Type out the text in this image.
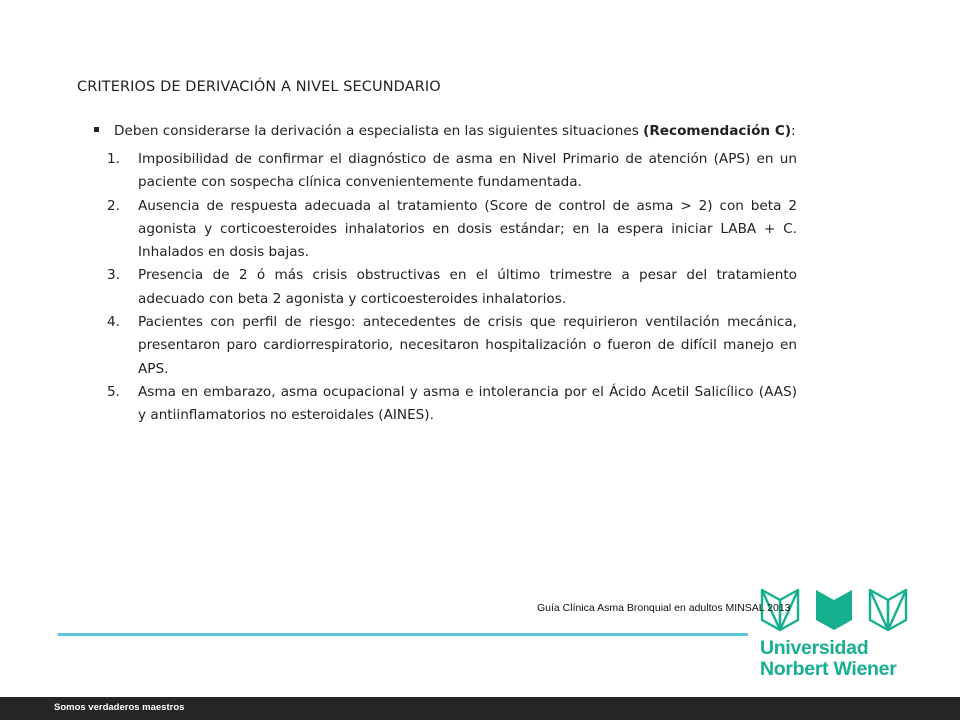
CRITERIOS DE DERIVACIÓN A NIVEL SECUNDARIO
Deben considerarse la derivación a especialista en las siguientes situaciones (Recomendación C):
1.	Imposibilidad de confirmar el diagnóstico de asma en Nivel Primario de atención (APS) en un paciente con sospecha clínica convenientemente fundamentada.
2.	Ausencia de respuesta adecuada al tratamiento (Score de control de asma > 2) con beta 2 agonista y corticoesteroides inhalatorios en dosis estándar; en la espera iniciar LABA + C. Inhalados en dosis bajas.
3.	Presencia de 2 ó más crisis obstructivas en el último trimestre a pesar del tratamiento adecuado con beta 2 agonista y corticoesteroides inhalatorios.
4.	Pacientes con perfil de riesgo: antecedentes de crisis que requirieron ventilación mecánica, presentaron paro cardiorrespiratorio, necesitaron hospitalización o fueron de difícil manejo en APS.
5.	Asma en embarazo, asma ocupacional y asma e intolerancia por el Ácido Acetil Salicílico (AAS) y antiinflamatorios no esteroidales (AINES).
Universidad
Norbert Wiener
Guía Clínica Asma Bronquial en adultos MINSAL 2013
Somos verdaderos maestros
